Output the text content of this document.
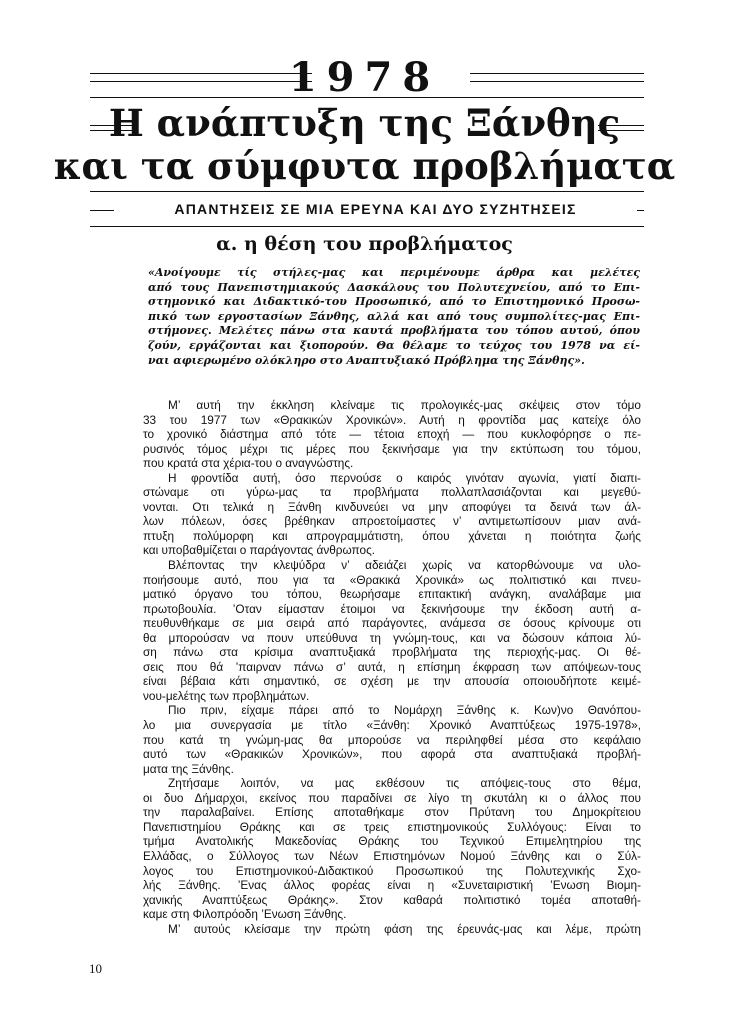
1978
Η ανάπτυξη της Ξάνθης
και τα σύμφυτα προβλήματα
ΑΠΑΝΤΗΣΕΙΣ ΣΕ ΜΙΑ ΕΡΕΥΝΑ ΚΑΙ ΔΥΟ ΣΥΖΗΤΗΣΕΙΣ
α. η θέση του προβλήματος
«Ανοίγουμε τίς στήλες-μας και περιμένουμε άρθρα και μελέτες
από τους Πανεπιστημιακούς Δασκάλους του Πολυτεχνείου, από το Επι-
στημονικό και Διδακτικό-του Προσωπικό, από το Επιστημονικό Προσω-
πικό των εργοστασίων Ξάνθης, αλλά και από τους συμπολίτες-μας Επι-
στήμονες. Μελέτες πάνω στα καυτά προβλήματα του τόπου αυτού, όπου
ζούν, εργάζονται και ξιοπορούν. Θα θέλαμε το τεύχος του 1978 να εί-
ναι αφιερωμένο ολόκληρο στο Αναπτυξιακό Πρόβλημα της Ξάνθης».
Μ’ αυτή την έκκληση κλείναμε τις προλογικές-μας σκέψεις στον τόμο
33 του 1977 των «Θρακικών Χρονικών». Αυτή η φροντίδα μας κατείχε όλο
το χρονικό διάστημα από τότε — τέτοια εποχή — που κυκλοφόρησε ο πε-
ρυσινός τόμος μέχρι τις μέρες που ξεκινήσαμε για την εκτύπωση του τόμου,
που κρατά στα χέρια-του ο αναγνώστης.
Η φροντίδα αυτή, όσο περνούσε ο καιρός γινόταν αγωνία, γιατί διαπι-
στώναμε οτι γύρω-μας τα προβλήματα πολλαπλασιάζονται και μεγεθύ-
νονται. Οτι τελικά η Ξάνθη κινδυνεύει να μην αποφύγει τα δεινά των άλ-
λων πόλεων, όσες βρέθηκαν απροετοίμαστες ν’ αντιμετωπίσουν μιαν ανά-
πτυξη πολύμορφη και απρογραμμάτιστη, όπου χάνεται η ποιότητα ζωής
και υποβαθμίζεται ο παράγοντας άνθρωπος.
Βλέποντας την κλεψύδρα ν’ αδειάζει χωρίς να κατορθώνουμε να υλο-
ποιήσουμε αυτό, που για τα «Θρακικά Χρονικά» ως πολιτιστικό και πνευ-
ματικό όργανο του τόπου, θεωρήσαμε επιτακτική ανάγκη, αναλάβαμε μια
πρωτοβουλία. ’Οταν είμασταν έτοιμοι να ξεκινήσουμε την έκδοση αυτή α-
πευθυνθήκαμε σε μια σειρά από παράγοντες, ανάμεσα σε όσους κρίνουμε οτι
θα μπορούσαν να πουν υπεύθυνα τη γνώμη-τους, και να δώσουν κάποια λύ-
ση πάνω στα κρίσιμα αναπτυξιακά προβλήματα της περιοχής-μας. Οι θέ-
σεις που θά ’παιρναν πάνω σ’ αυτά, η επίσημη έκφραση των απόψεων-τους
είναι βέβαια κάτι σημαντικό, σε σχέση με την απουσία οποιουδήποτε κειμέ-
νου-μελέτης των προβλημάτων.
Πιο πριν, είχαμε πάρει από το Νομάρχη Ξάνθης κ. Κων)νο Θανόπου-
λο μια συνεργασία με τίτλο «Ξάνθη: Χρονικό Αναπτύξεως 1975-1978»,
που κατά τη γνώμη-μας θα μπορούσε να περιληφθεί μέσα στο κεφάλαιο
αυτό των «Θρακικών Χρονικών», που αφορά στα αναπτυξιακά προβλή-
ματα της Ξάνθης.
Ζητήσαμε λοιπόν, να μας εκθέσουν τις απόψεις-τους στο θέμα,
οι δυο Δήμαρχοι, εκείνος που παραδίνει σε λίγο τη σκυτάλη κι ο άλλος που
την παραλαβαίνει. Επίσης αποταθήκαμε στον Πρύτανη του Δημοκρίτειου
Πανεπιστημίου Θράκης και σε τρεις επιστημονικούς Συλλόγους: Είναι το
τμήμα Ανατολικής Μακεδονίας Θράκης του Τεχνικού Επιμελητηρίου της
Ελλάδας, ο Σύλλογος των Νέων Επιστημόνων Νομού Ξάνθης και ο Σύλ-
λογος του Επιστημονικού-Διδακτικού Προσωπικού της Πολυτεχνικής Σχο-
λής Ξάνθης. ’Ενας άλλος φορέας είναι η «Συνεταιριστική ’Ενωση Βιομη-
χανικής Αναπτύξεως Θράκης». Στον καθαρά πολιτιστικό τομέα αποταθή-
καμε στη Φιλοπρόοδη ’Ενωση Ξάνθης.
Μ’ αυτούς κλείσαμε την πρώτη φάση της έρευνάς-μας και λέμε, πρώτη
10
